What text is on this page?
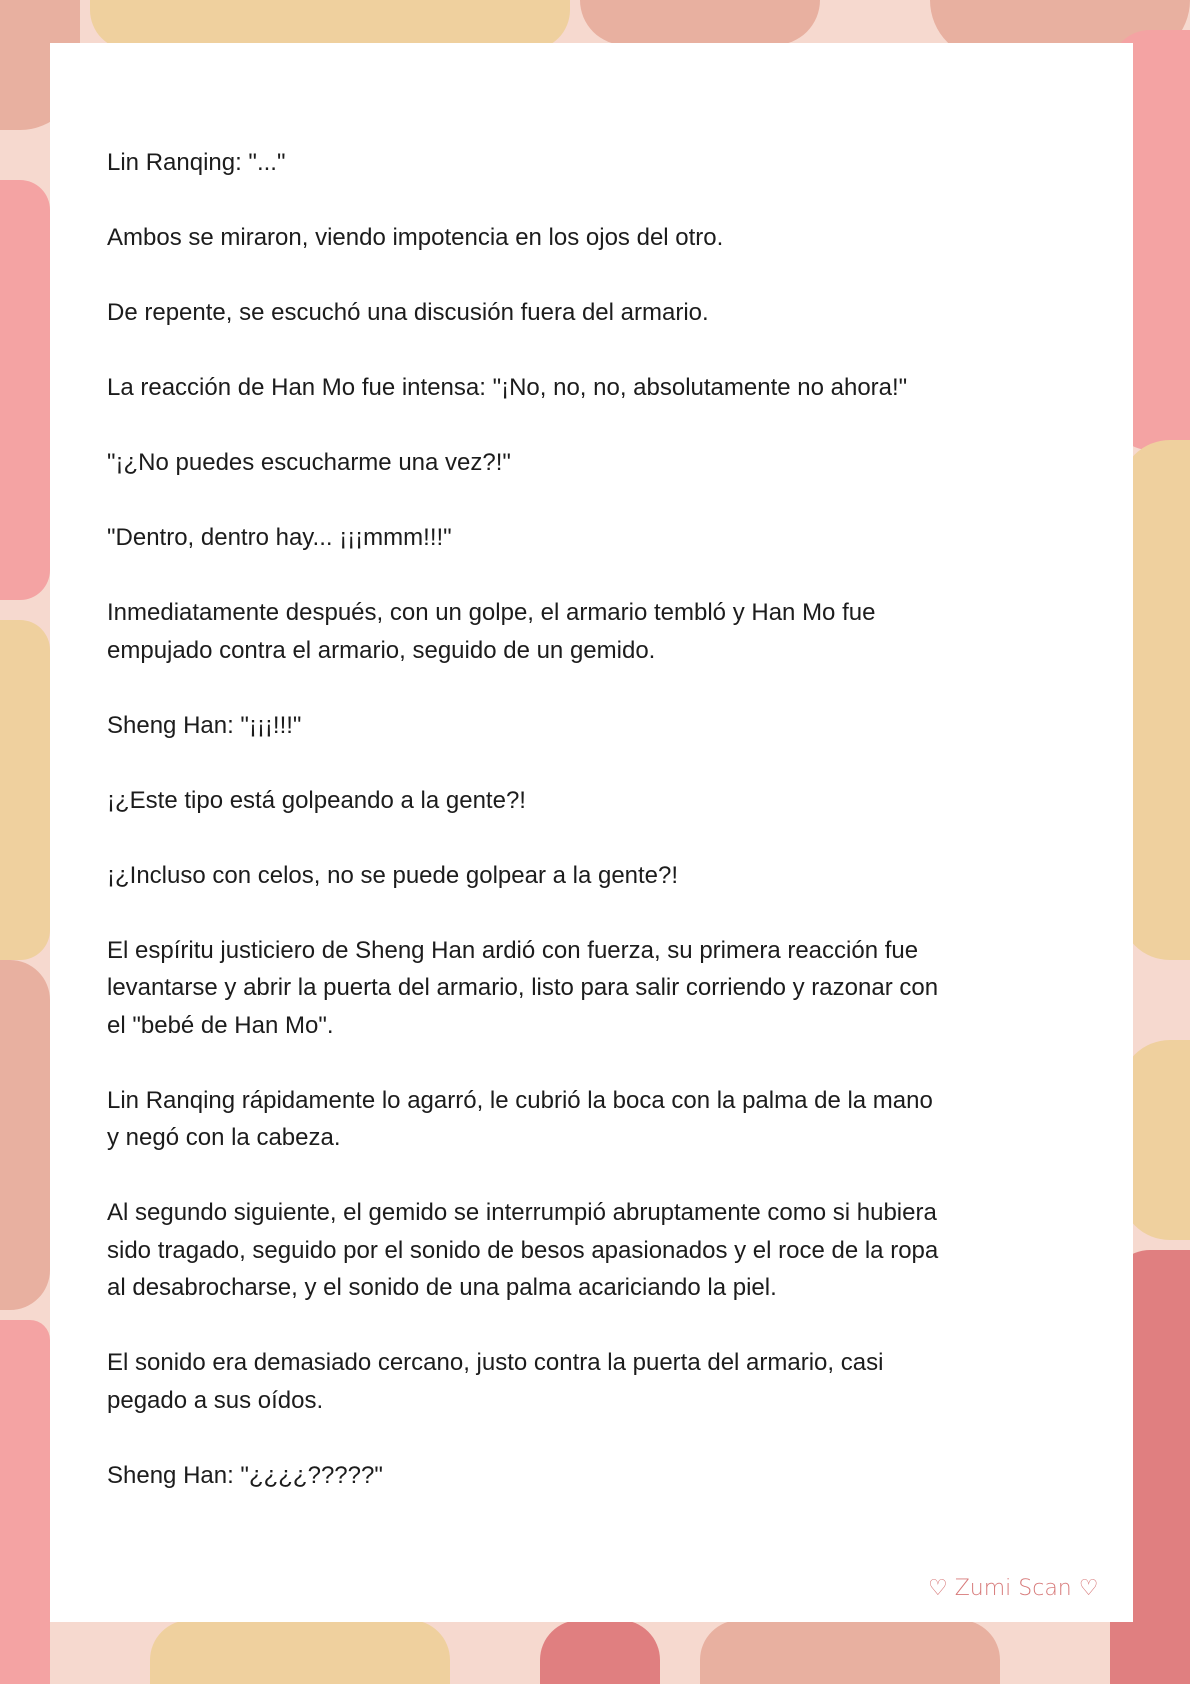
Lin Ranqing: "..."

Ambos se miraron, viendo impotencia en los ojos del otro.

De repente, se escuchó una discusión fuera del armario.

La reacción de Han Mo fue intensa: "¡No, no, no, absolutamente no ahora!"

"¡¿No puedes escucharme una vez?!"

"Dentro, dentro hay... ¡¡¡mmm!!!"

Inmediatamente después, con un golpe, el armario tembló y Han Mo fue
empujado contra el armario, seguido de un gemido.

Sheng Han: "¡¡¡!!!"

¡¿Este tipo está golpeando a la gente?!

¡¿Incluso con celos, no se puede golpear a la gente?!

El espíritu justiciero de Sheng Han ardió con fuerza, su primera reacción fue
levantarse y abrir la puerta del armario, listo para salir corriendo y razonar con
el "bebé de Han Mo".

Lin Ranqing rápidamente lo agarró, le cubrió la boca con la palma de la mano
y negó con la cabeza.

Al segundo siguiente, el gemido se interrumpió abruptamente como si hubiera
sido tragado, seguido por el sonido de besos apasionados y el roce de la ropa
al desabrocharse, y el sonido de una palma acariciando la piel.

El sonido era demasiado cercano, justo contra la puerta del armario, casi
pegado a sus oídos.

Sheng Han: "¿¿¿¿?????"

♡ Zumi Scan ♡
